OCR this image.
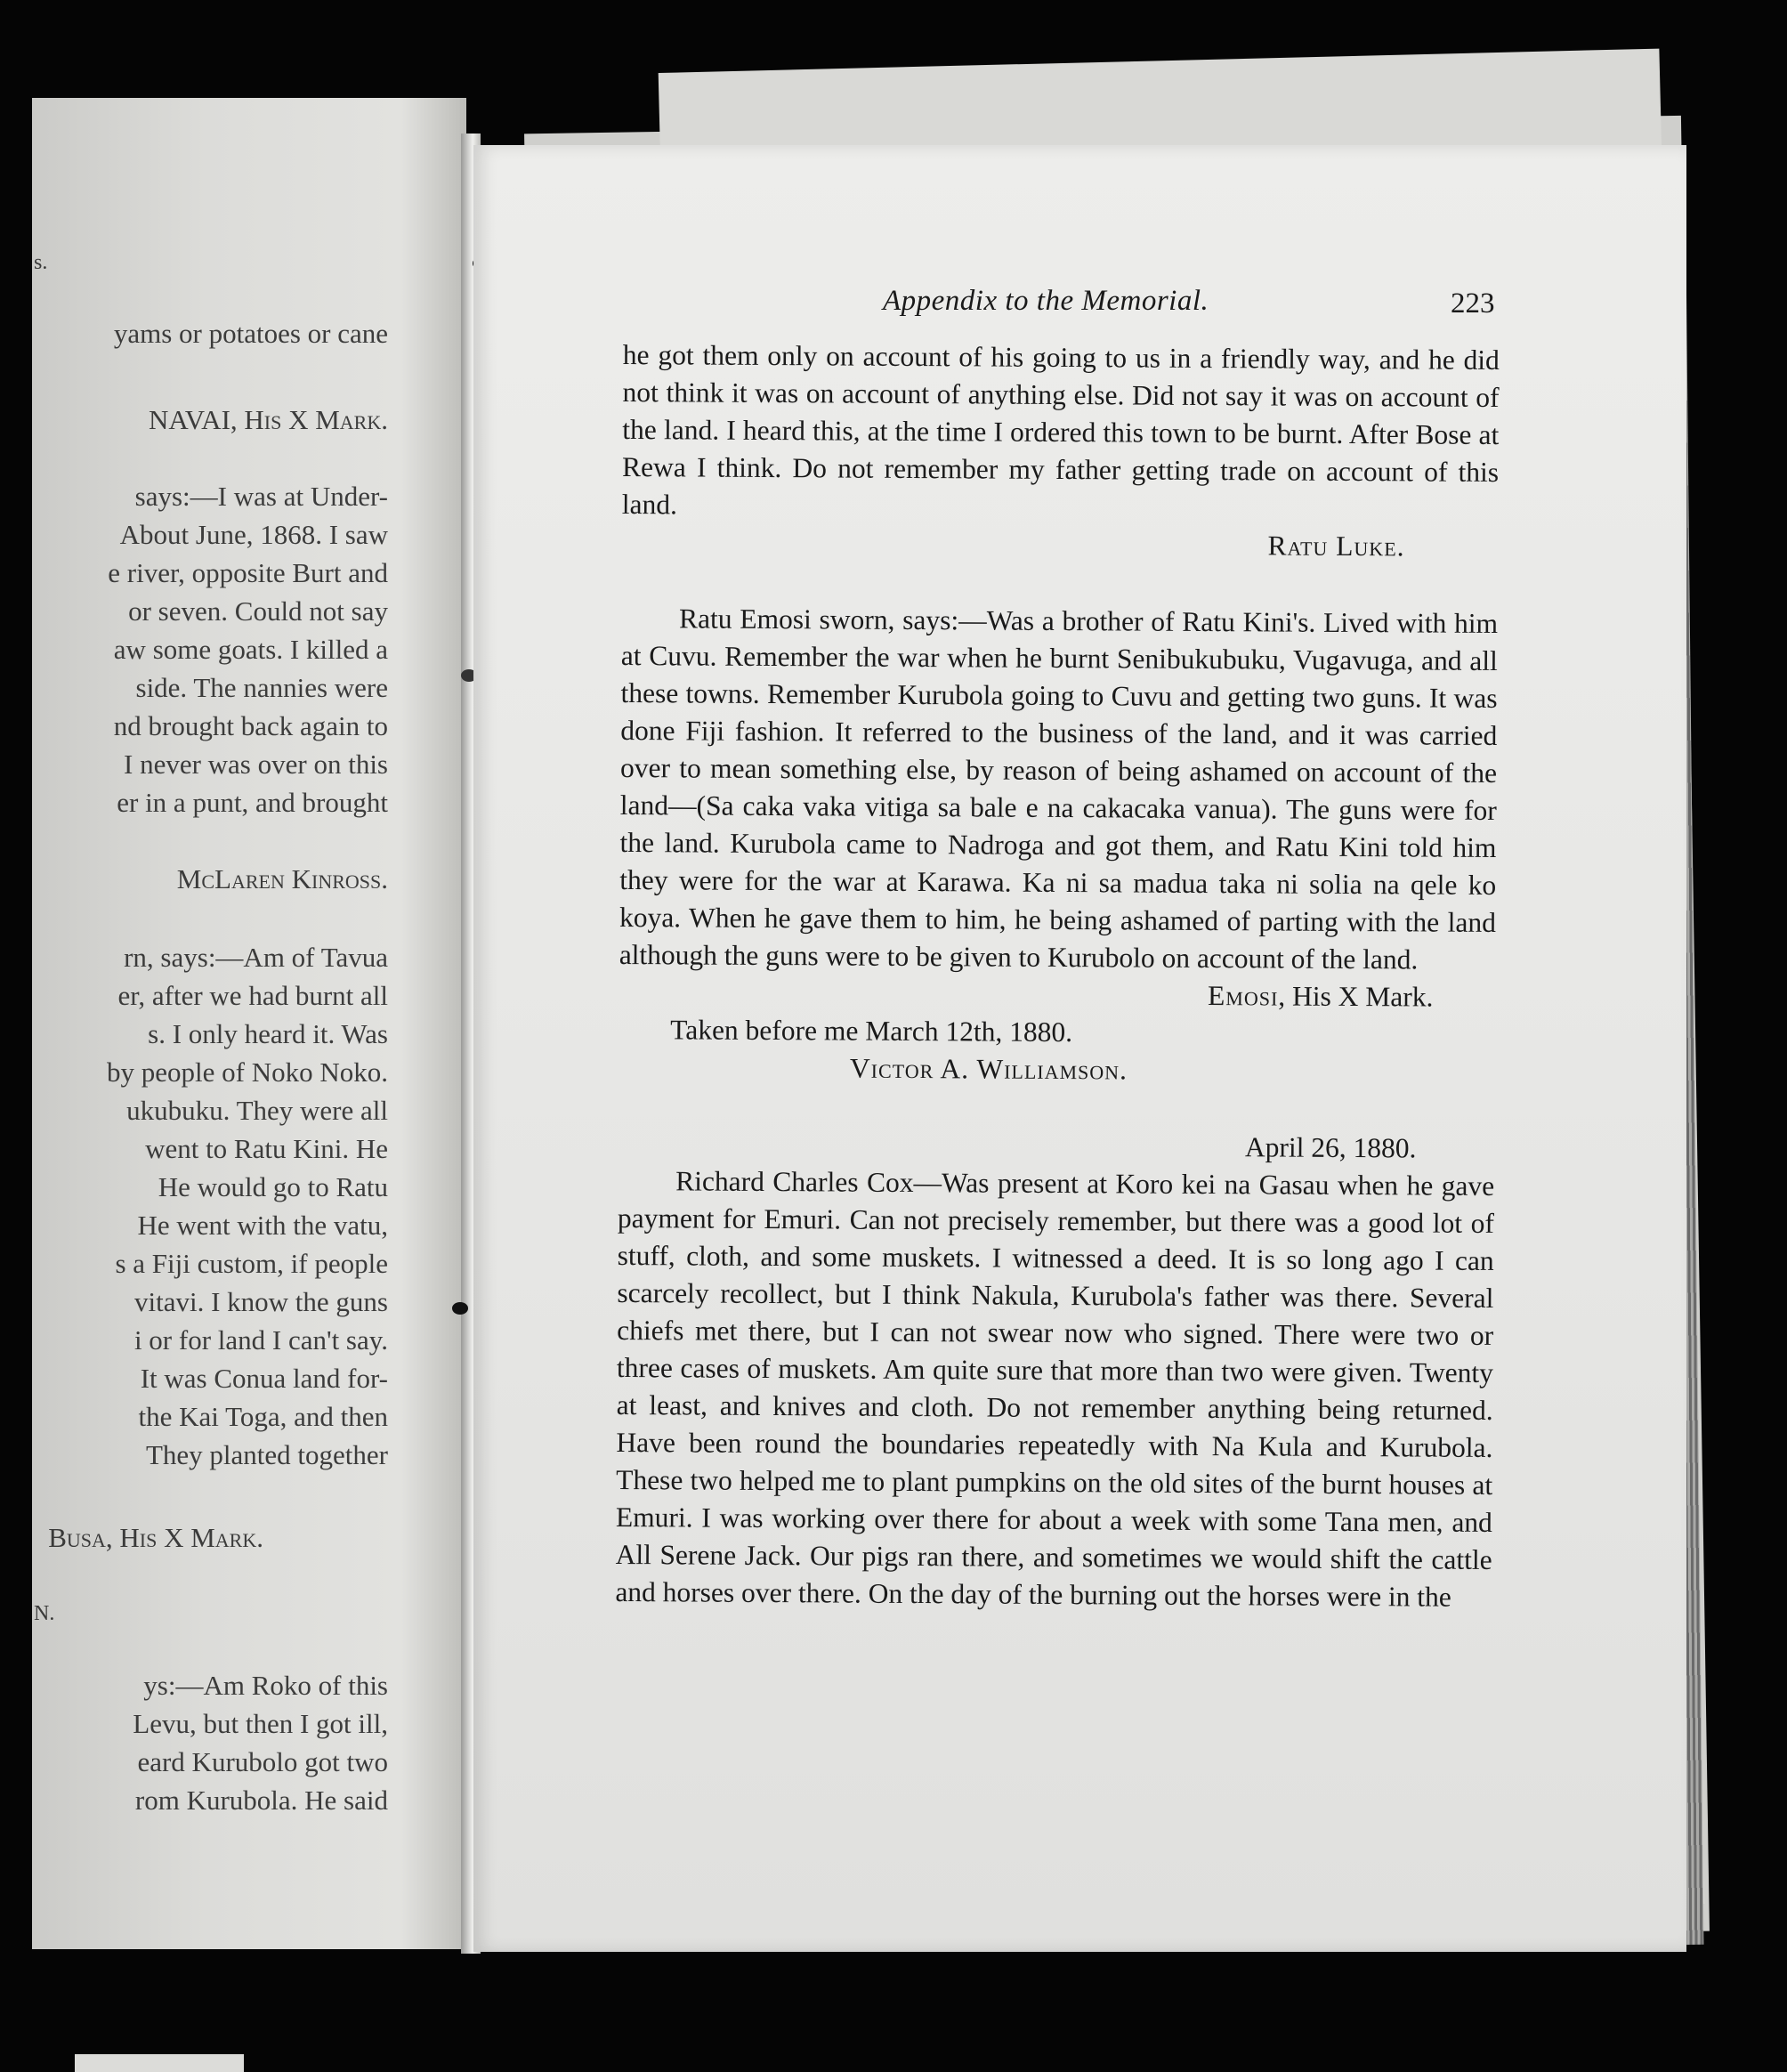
s.
yams or potatoes or cane
NAVAI, His X Mark.
says:—I was at Under-
About June, 1868. I saw
e river, opposite Burt and
or seven. Could not say
aw some goats. I killed a
side. The nannies were
nd brought back again to
I never was over on this
er in a punt, and brought
McLaren Kinross.
rn, says:—Am of Tavua
er, after we had burnt all
s. I only heard it. Was
by people of Noko Noko.
ukubuku. They were all
went to Ratu Kini. He
He would go to Ratu
He went with the vatu,
s a Fiji custom, if people
vitavi. I know the guns
i or for land I can't say.
It was Conua land for-
the Kai Toga, and then
They planted together
Busa, His X Mark.
N.
ys:—Am Roko of this
Levu, but then I got ill,
eard Kurubolo got two
rom Kurubola. He said
Appendix to the Memorial.	223

he got them only on account of his going to us in a friendly way, and he did not think it was on account of anything else. Did not say it was on account of the land. I heard this, at the time I ordered this town to be burnt. After Bose at Rewa I think. Do not remember my father getting trade on account of this land.

Ratu Luke.

Ratu Emosi sworn, says:—Was a brother of Ratu Kini's. Lived with him at Cuvu. Remember the war when he burnt Senibukubuku, Vugavuga, and all these towns. Remember Kurubola going to Cuvu and getting two guns. It was done Fiji fashion. It referred to the business of the land, and it was carried over to mean something else, by reason of being ashamed on account of the land—(Sa caka vaka vitiga sa bale e na cakacaka vanua). The guns were for the land. Kurubola came to Nadroga and got them, and Ratu Kini told him they were for the war at Karawa. Ka ni sa madua taka ni solia na qele ko koya. When he gave them to him, he being ashamed of parting with the land although the guns were to be given to Kurubolo on account of the land.

Emosi, His X Mark.

Taken before me March 12th, 1880.

Victor A. Williamson.

April 26, 1880.

Richard Charles Cox—Was present at Koro kei na Gasau when he gave payment for Emuri. Can not precisely remember, but there was a good lot of stuff, cloth, and some muskets. I witnessed a deed. It is so long ago I can scarcely recollect, but I think Nakula, Kurubola's father was there. Several chiefs met there, but I can not swear now who signed. There were two or three cases of muskets. Am quite sure that more than two were given. Twenty at least, and knives and cloth. Do not remember anything being returned. Have been round the boundaries repeatedly with Na Kula and Kurubola. These two helped me to plant pumpkins on the old sites of the burnt houses at Emuri. I was working over there for about a week with some Tana men, and All Serene Jack. Our pigs ran there, and sometimes we would shift the cattle and horses over there. On the day of the burning out the horses were in the
